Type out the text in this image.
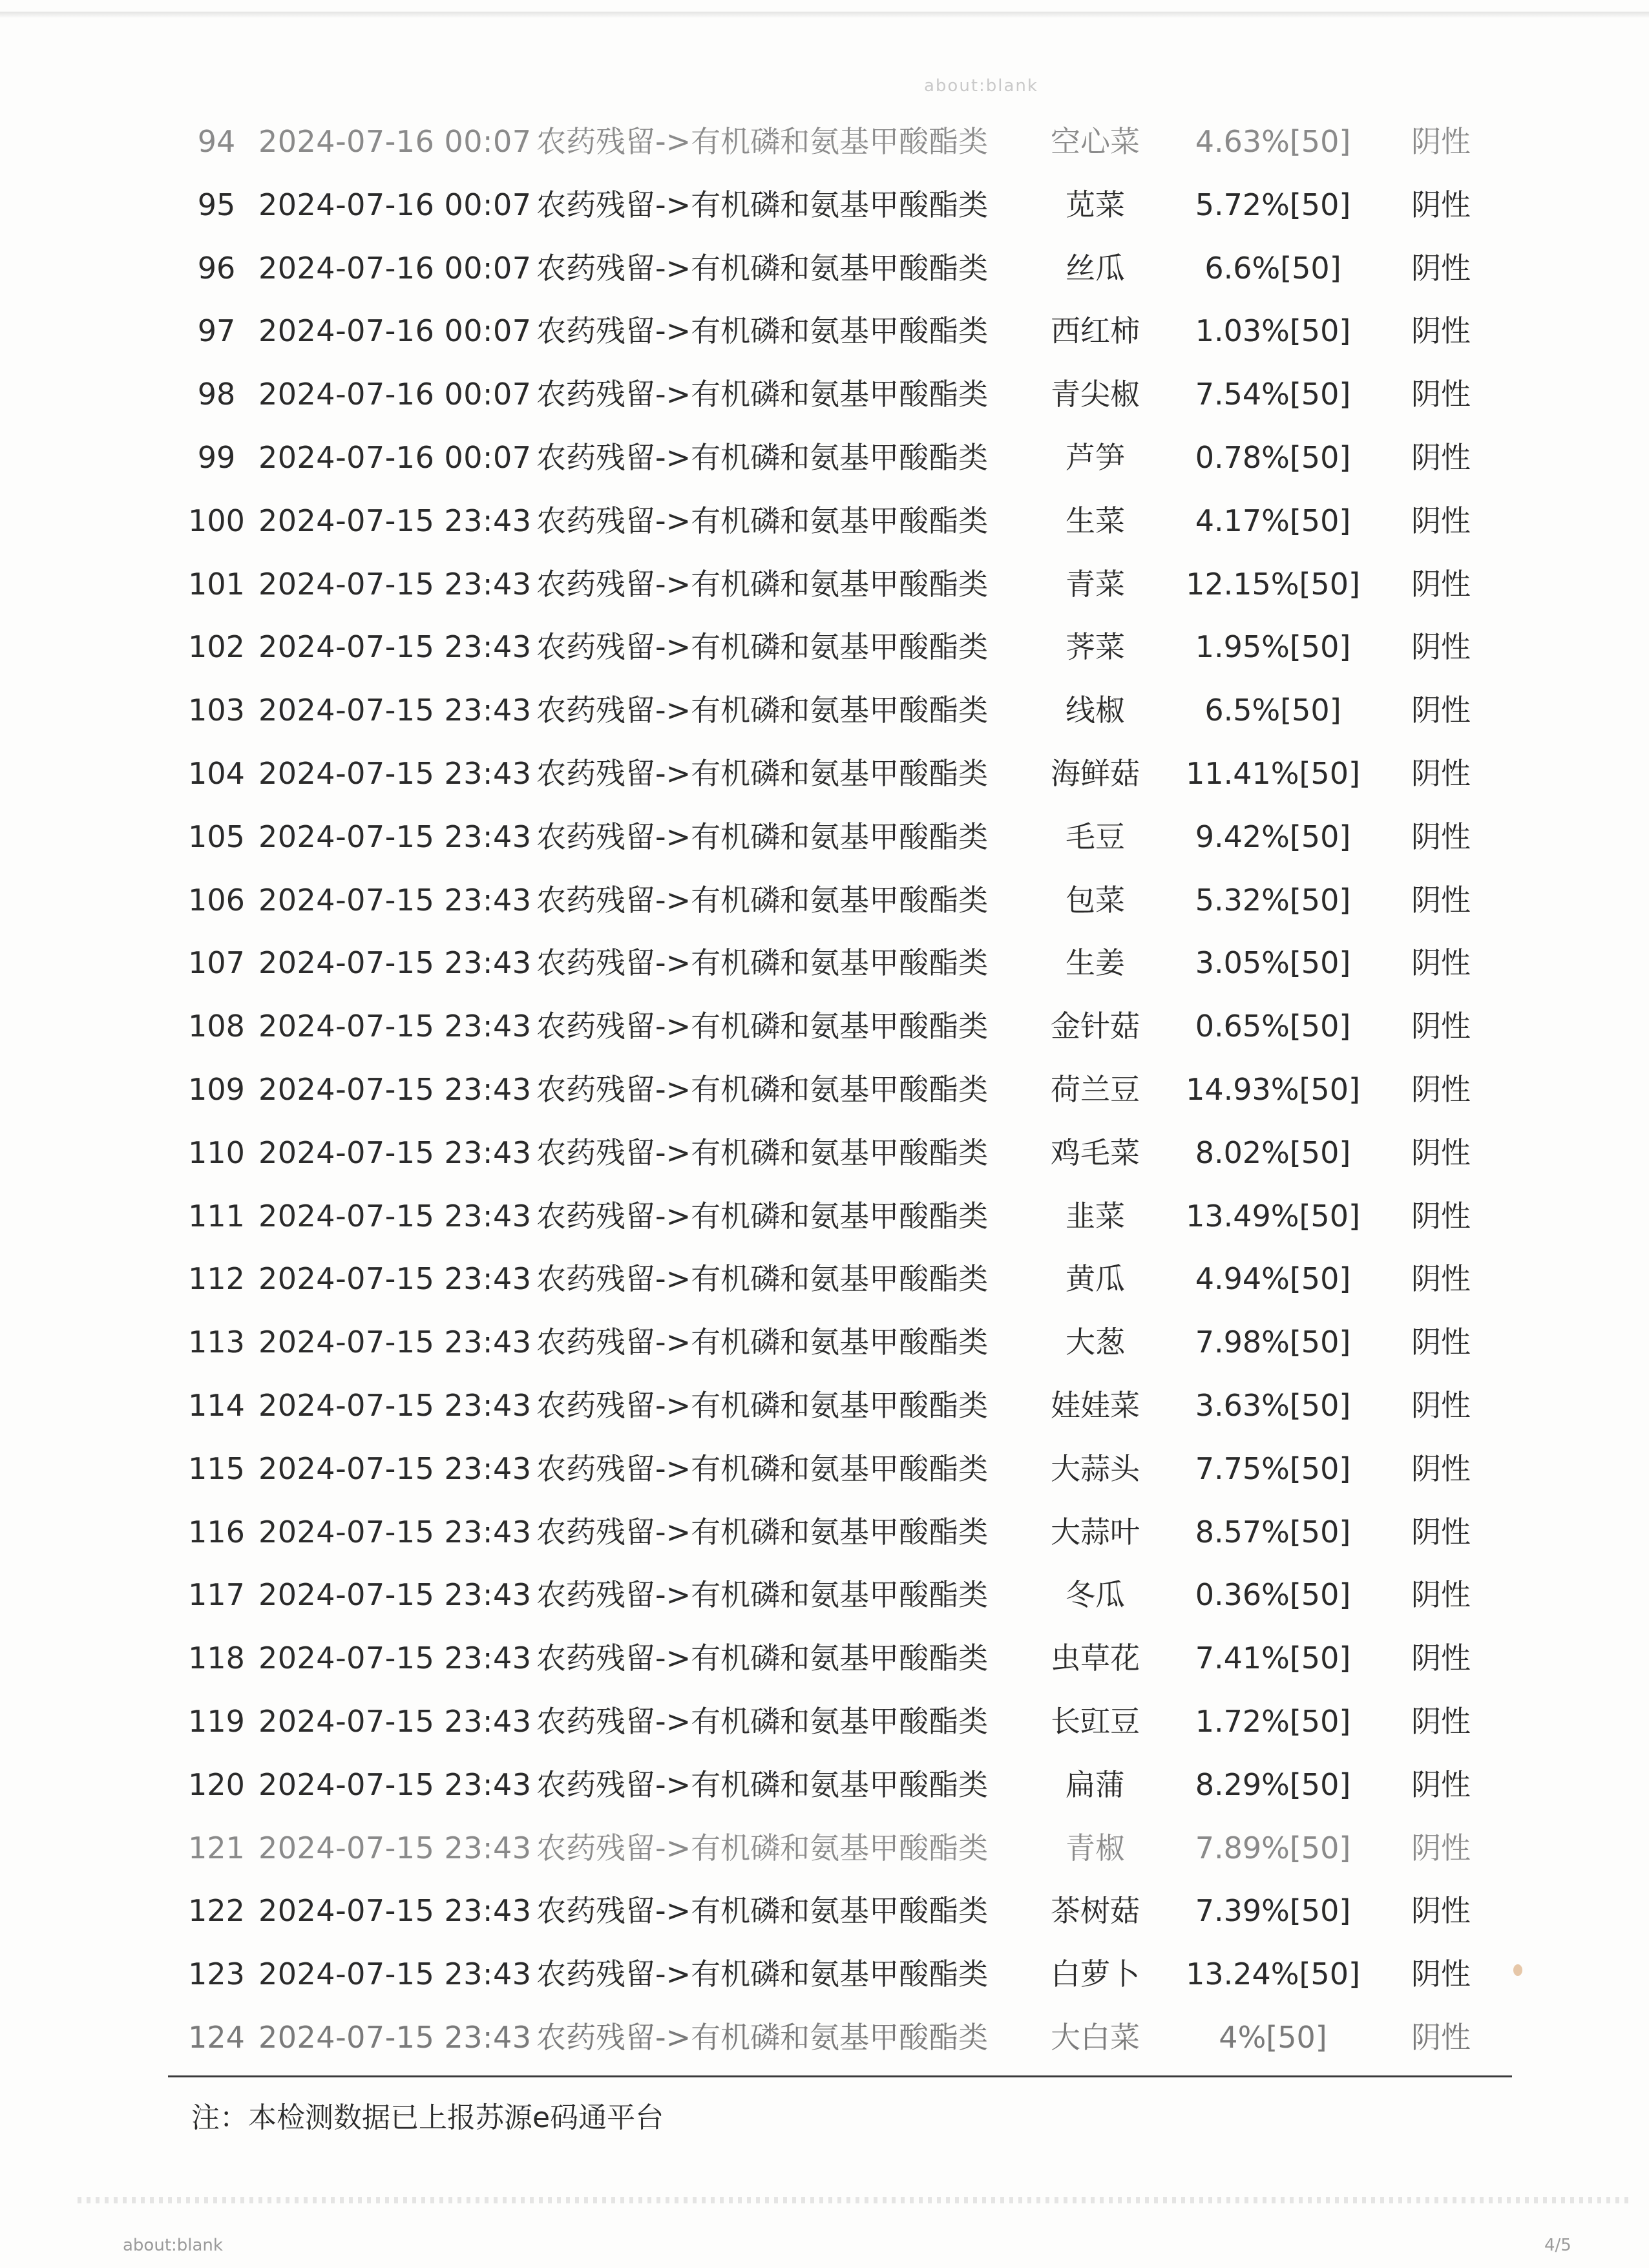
about:blank
94 2024-07-16 00:07 农药残留->有机磷和氨基甲酸酯类	空心菜	4.63%[50]	阴性
95 2024-07-16 00:07 农药残留->有机磷和氨基甲酸酯类	苋菜	5.72%[50]	阴性
96 2024-07-16 00:07 农药残留->有机磷和氨基甲酸酯类	丝瓜	6.6%[50]	阴性
97 2024-07-16 00:07 农药残留->有机磷和氨基甲酸酯类	西红柿	1.03%[50]	阴性
98 2024-07-16 00:07 农药残留->有机磷和氨基甲酸酯类	青尖椒	7.54%[50]	阴性
99 2024-07-16 00:07 农药残留->有机磷和氨基甲酸酯类	芦笋	0.78%[50]	阴性
100 2024-07-15 23:43 农药残留->有机磷和氨基甲酸酯类	生菜	4.17%[50]	阴性
101 2024-07-15 23:43 农药残留->有机磷和氨基甲酸酯类	青菜	12.15%[50]	阴性
102 2024-07-15 23:43 农药残留->有机磷和氨基甲酸酯类	荠菜	1.95%[50]	阴性
103 2024-07-15 23:43 农药残留->有机磷和氨基甲酸酯类	线椒	6.5%[50]	阴性
104 2024-07-15 23:43 农药残留->有机磷和氨基甲酸酯类	海鲜菇	11.41%[50]	阴性
105 2024-07-15 23:43 农药残留->有机磷和氨基甲酸酯类	毛豆	9.42%[50]	阴性
106 2024-07-15 23:43 农药残留->有机磷和氨基甲酸酯类	包菜	5.32%[50]	阴性
107 2024-07-15 23:43 农药残留->有机磷和氨基甲酸酯类	生姜	3.05%[50]	阴性
108 2024-07-15 23:43 农药残留->有机磷和氨基甲酸酯类	金针菇	0.65%[50]	阴性
109 2024-07-15 23:43 农药残留->有机磷和氨基甲酸酯类	荷兰豆	14.93%[50]	阴性
110 2024-07-15 23:43 农药残留->有机磷和氨基甲酸酯类	鸡毛菜	8.02%[50]	阴性
111 2024-07-15 23:43 农药残留->有机磷和氨基甲酸酯类	韭菜	13.49%[50]	阴性
112 2024-07-15 23:43 农药残留->有机磷和氨基甲酸酯类	黄瓜	4.94%[50]	阴性
113 2024-07-15 23:43 农药残留->有机磷和氨基甲酸酯类	大葱	7.98%[50]	阴性
114 2024-07-15 23:43 农药残留->有机磷和氨基甲酸酯类	娃娃菜	3.63%[50]	阴性
115 2024-07-15 23:43 农药残留->有机磷和氨基甲酸酯类	大蒜头	7.75%[50]	阴性
116 2024-07-15 23:43 农药残留->有机磷和氨基甲酸酯类	大蒜叶	8.57%[50]	阴性
117 2024-07-15 23:43 农药残留->有机磷和氨基甲酸酯类	冬瓜	0.36%[50]	阴性
118 2024-07-15 23:43 农药残留->有机磷和氨基甲酸酯类	虫草花	7.41%[50]	阴性
119 2024-07-15 23:43 农药残留->有机磷和氨基甲酸酯类	长豇豆	1.72%[50]	阴性
120 2024-07-15 23:43 农药残留->有机磷和氨基甲酸酯类	扁蒲	8.29%[50]	阴性
121 2024-07-15 23:43 农药残留->有机磷和氨基甲酸酯类	青椒	7.89%[50]	阴性
122 2024-07-15 23:43 农药残留->有机磷和氨基甲酸酯类	茶树菇	7.39%[50]	阴性
123 2024-07-15 23:43 农药残留->有机磷和氨基甲酸酯类	白萝卜	13.24%[50]	阴性
124 2024-07-15 23:43 农药残留->有机磷和氨基甲酸酯类	大白菜	4%[50]	阴性
注：本检测数据已上报苏源e码通平台
about:blank	4/5
